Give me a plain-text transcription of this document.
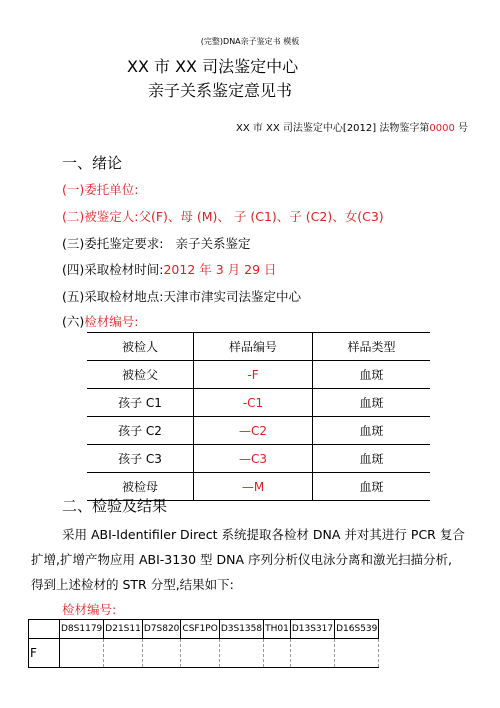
(完整)DNA亲子鉴定书 模板
XX 市 XX 司法鉴定中心
亲子关系鉴定意见书
XX 市 XX 司法鉴定中心[2012] 法物鉴字第0000 号
一、绪论
(一)委托单位:
(二)被鉴定人:父(F)、母 (M)、 子 (C1)、子 (C2)、女(C3)
(三)委托鉴定要求: 亲子关系鉴定
(四)采取检材时间:2012 年 3 月 29 日
(五)采取检材地点:天津市津实司法鉴定中心
(六)检材编号:
被检人	样品编号	样品类型
被检父	-F	血斑
孩子 C1	-C1	血斑
孩子 C2	—C2	血斑
孩子 C3	—C3	血斑
被检母	—M	血斑
二、检验及结果
采用 ABI-Identifiler Direct 系统提取各检材 DNA 并对其进行 PCR 复合
扩增,扩增产物应用 ABI-3130 型 DNA 序列分析仪电泳分离和激光扫描分析,
得到上述检材的 STR 分型,结果如下:
检材编号:
	D8S1179	D21S11	D7S820	CSF1PO	D3S1358	TH01	D13S317	D16S539
F								
